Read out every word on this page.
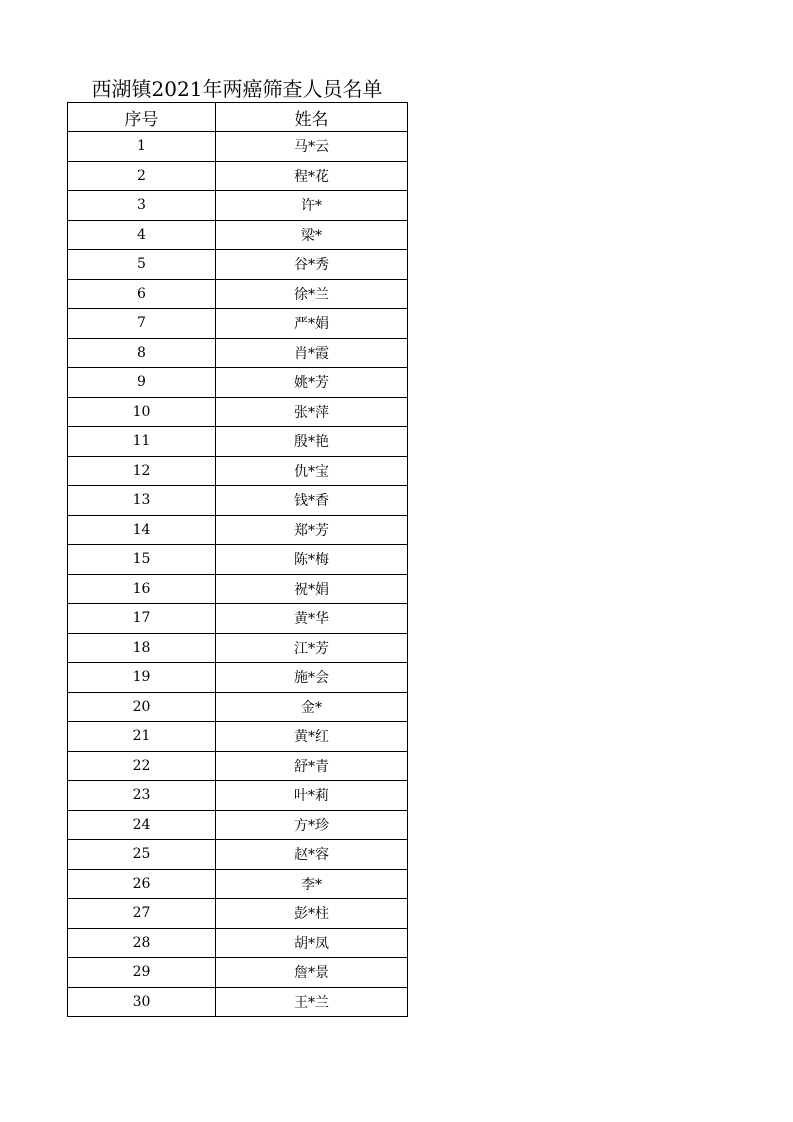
西湖镇2021年两癌筛查人员名单
序号	姓名
1	马*云
2	程*花
3	许*
4	梁*
5	谷*秀
6	徐*兰
7	严*娟
8	肖*霞
9	姚*芳
10	张*萍
11	殷*艳
12	仇*宝
13	钱*香
14	郑*芳
15	陈*梅
16	祝*娟
17	黄*华
18	江*芳
19	施*会
20	金*
21	黄*红
22	舒*青
23	叶*莉
24	方*珍
25	赵*容
26	李*
27	彭*柱
28	胡*凤
29	詹*景
30	王*兰
